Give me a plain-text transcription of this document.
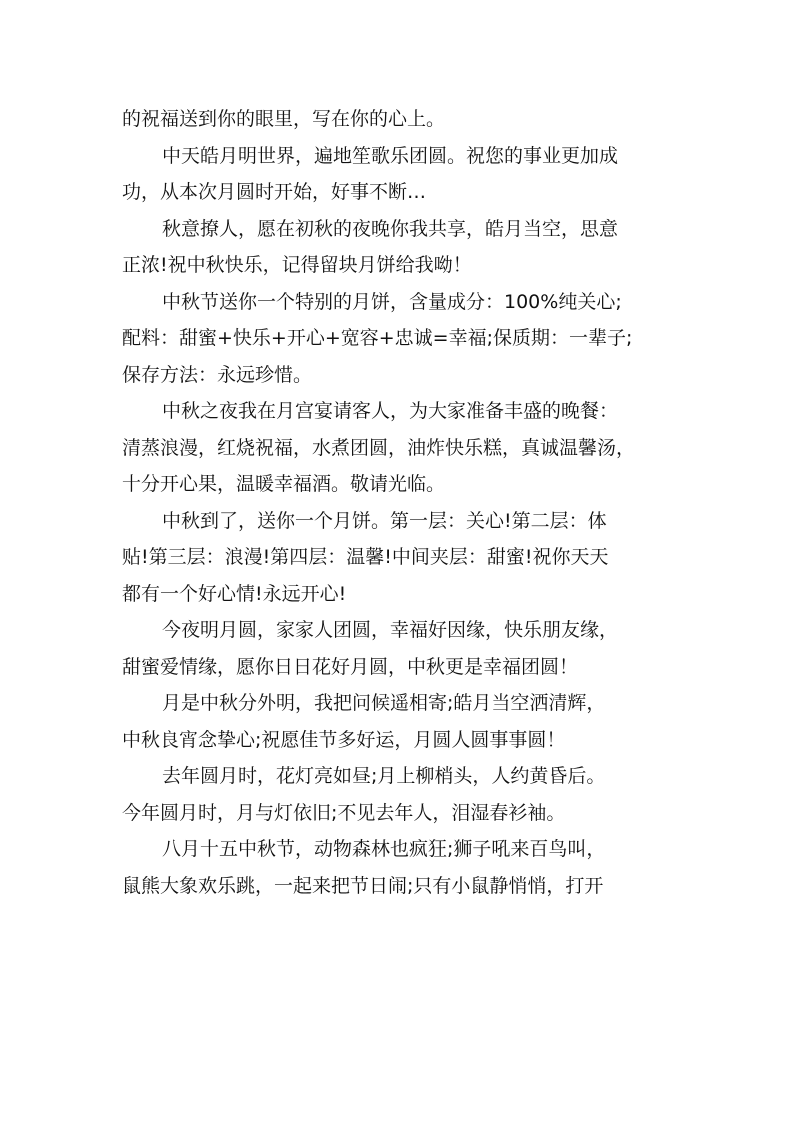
的祝福送到你的眼里，写在你的心上。
中天皓月明世界，遍地笙歌乐团圆。祝您的事业更加成
功，从本次月圆时开始，好事不断…
秋意撩人，愿在初秋的夜晚你我共享，皓月当空，思意
正浓!祝中秋快乐，记得留块月饼给我呦！
中秋节送你一个特别的月饼，含量成分：100%纯关心;
配料：甜蜜+快乐+开心+宽容+忠诚=幸福;保质期：一辈子;
保存方法：永远珍惜。
中秋之夜我在月宫宴请客人，为大家准备丰盛的晚餐：
清蒸浪漫，红烧祝福，水煮团圆，油炸快乐糕，真诚温馨汤，
十分开心果，温暖幸福酒。敬请光临。
中秋到了，送你一个月饼。第一层：关心!第二层：体
贴!第三层：浪漫!第四层：温馨!中间夹层：甜蜜!祝你天天
都有一个好心情!永远开心!
今夜明月圆，家家人团圆，幸福好因缘，快乐朋友缘，
甜蜜爱情缘，愿你日日花好月圆，中秋更是幸福团圆！
月是中秋分外明，我把问候遥相寄;皓月当空洒清辉，
中秋良宵念挚心;祝愿佳节多好运，月圆人圆事事圆！
去年圆月时，花灯亮如昼;月上柳梢头，人约黄昏后。
今年圆月时，月与灯依旧;不见去年人，泪湿春衫袖。
八月十五中秋节，动物森林也疯狂;狮子吼来百鸟叫，
鼠熊大象欢乐跳，一起来把节日闹;只有小鼠静悄悄，打开
